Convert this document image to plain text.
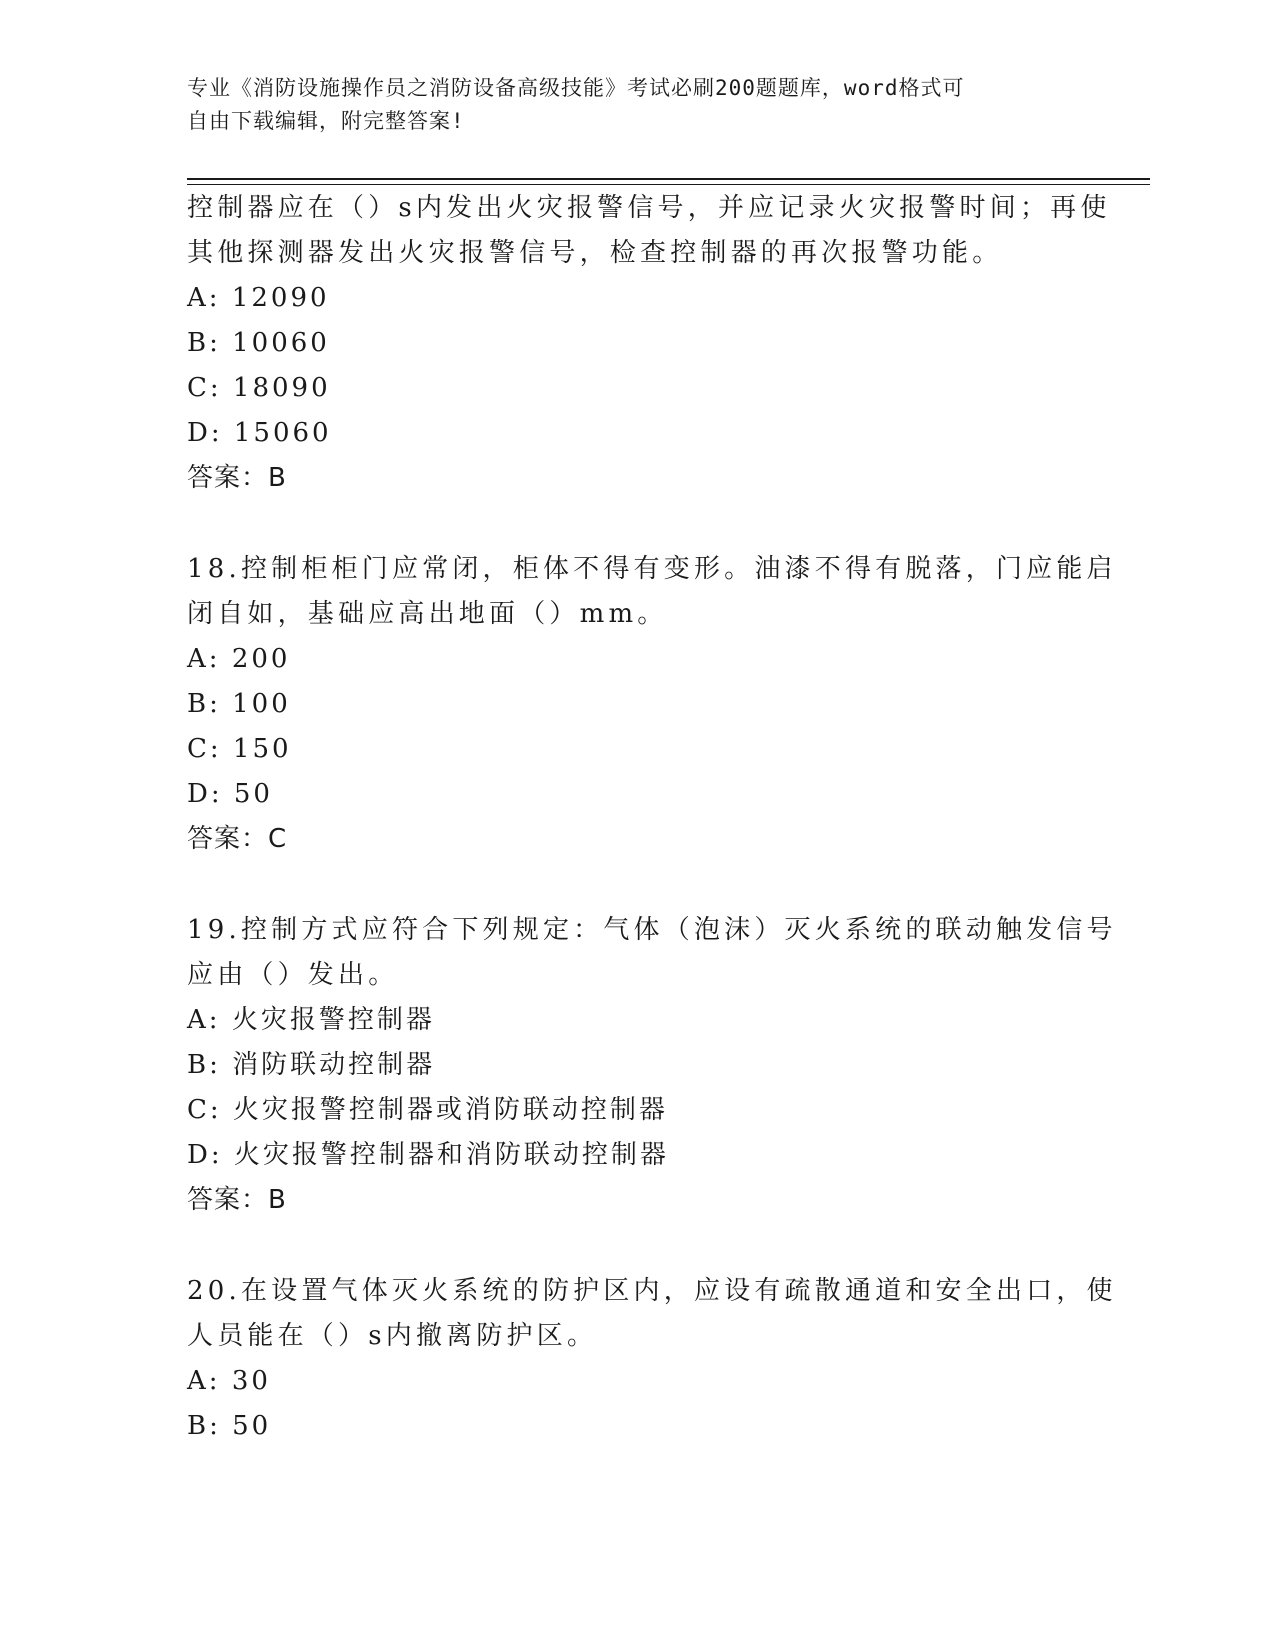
专业《消防设施操作员之消防设备高级技能》考试必刷200题题库，word格式可
自由下载编辑，附完整答案!
控制器应在（）s内发出火灾报警信号，并应记录火灾报警时间；再使
其他探测器发出火灾报警信号，检查控制器的再次报警功能。
A: 12090
B: 10060
C: 18090
D: 15060
答案：B
18.控制柜柜门应常闭，柜体不得有变形。油漆不得有脱落，门应能启
闭自如，基础应高出地面（）mm。
A: 200
B: 100
C: 150
D: 50
答案：C
19.控制方式应符合下列规定：气体（泡沫）灭火系统的联动触发信号
应由（）发出。
A: 火灾报警控制器
B: 消防联动控制器
C: 火灾报警控制器或消防联动控制器
D: 火灾报警控制器和消防联动控制器
答案：B
20.在设置气体灭火系统的防护区内，应设有疏散通道和安全出口，使
人员能在（）s内撤离防护区。
A: 30
B: 50
